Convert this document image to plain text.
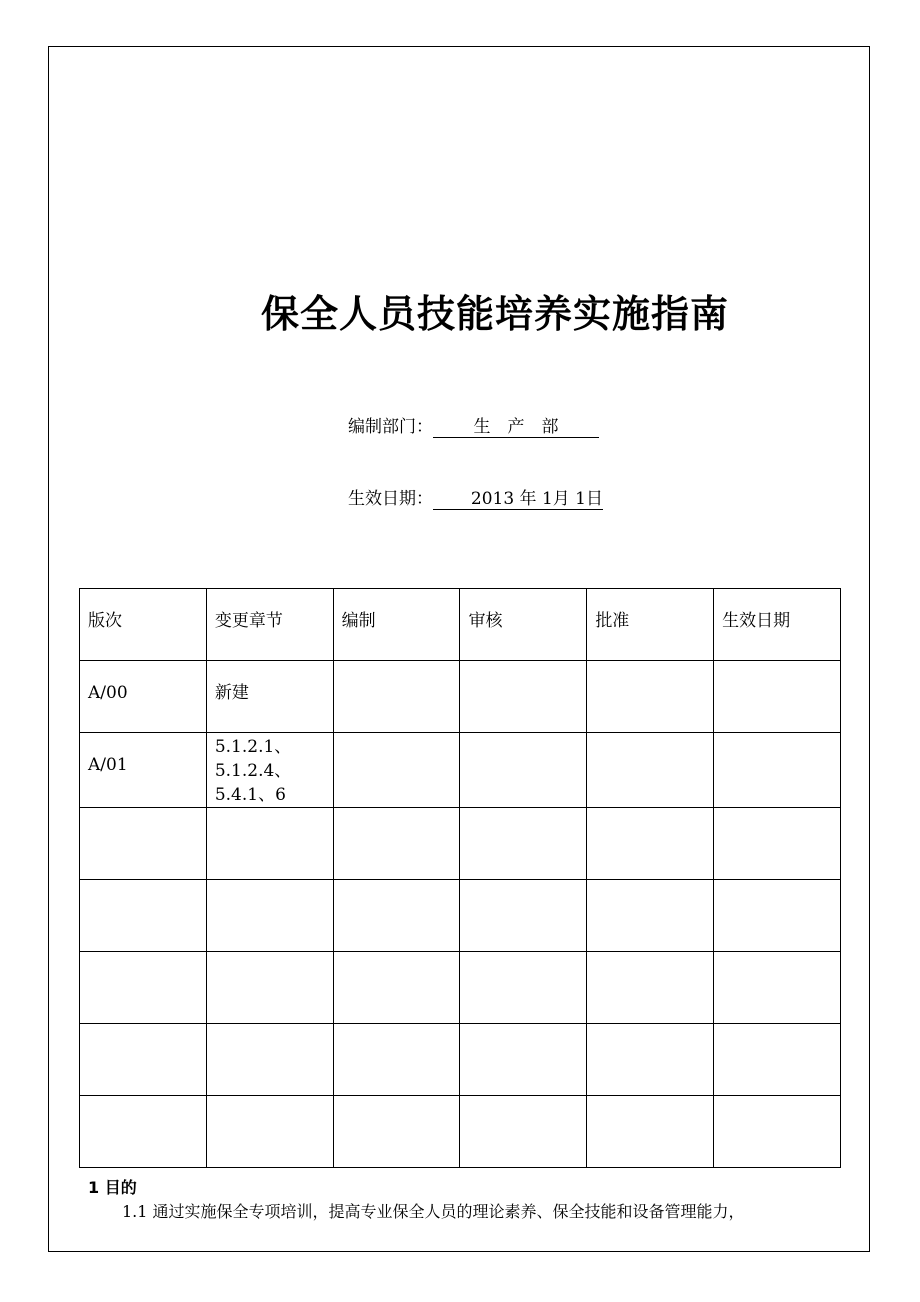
保全人员技能培养实施指南
编制部门： 生　产　部
生效日期： 2013 年 1月 1日
版次	变更章节	编制	审核	批准	生效日期
A/00	新建				
A/01	5.1.2.1、
5.1.2.4、
5.4.1、6				

1 目的
1.1 通过实施保全专项培训，提高专业保全人员的理论素养、保全技能和设备管理能力，
